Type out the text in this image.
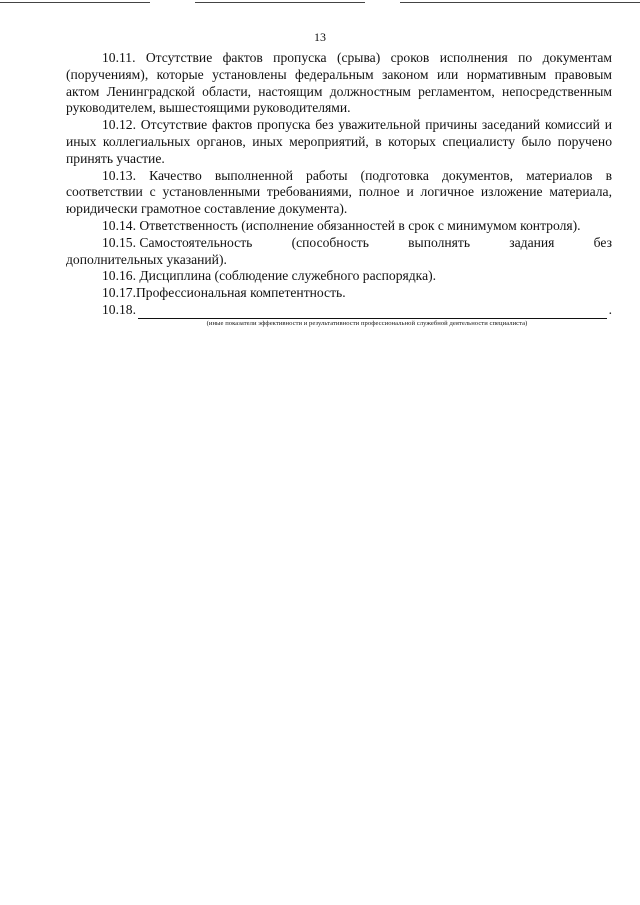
13

10.11. Отсутствие фактов пропуска (срыва) сроков исполнения по документам (поручениям), которые установлены федеральным законом или нормативным правовым актом Ленинградской области, настоящим должностным регламентом, непосредственным руководителем, вышестоящими руководителями.

10.12. Отсутствие фактов пропуска без уважительной причины заседаний комиссий и иных коллегиальных органов, иных мероприятий, в которых специалисту было поручено принять участие.

10.13. Качество выполненной работы (подготовка документов, материалов в соответствии с установленными требованиями, полное и логичное изложение материала, юридически грамотное составление документа).

10.14. Ответственность (исполнение обязанностей в срок с минимумом контроля).

10.15. Самостоятельность	(способность	выполнять	задания	без
дополнительных указаний).

10.16. Дисциплина (соблюдение служебного распорядка).

10.17.Профессиональная компетентность.

10.18.	.
(иные показатели эффективности и результативности профессиональной служебной деятельности специалиста)
